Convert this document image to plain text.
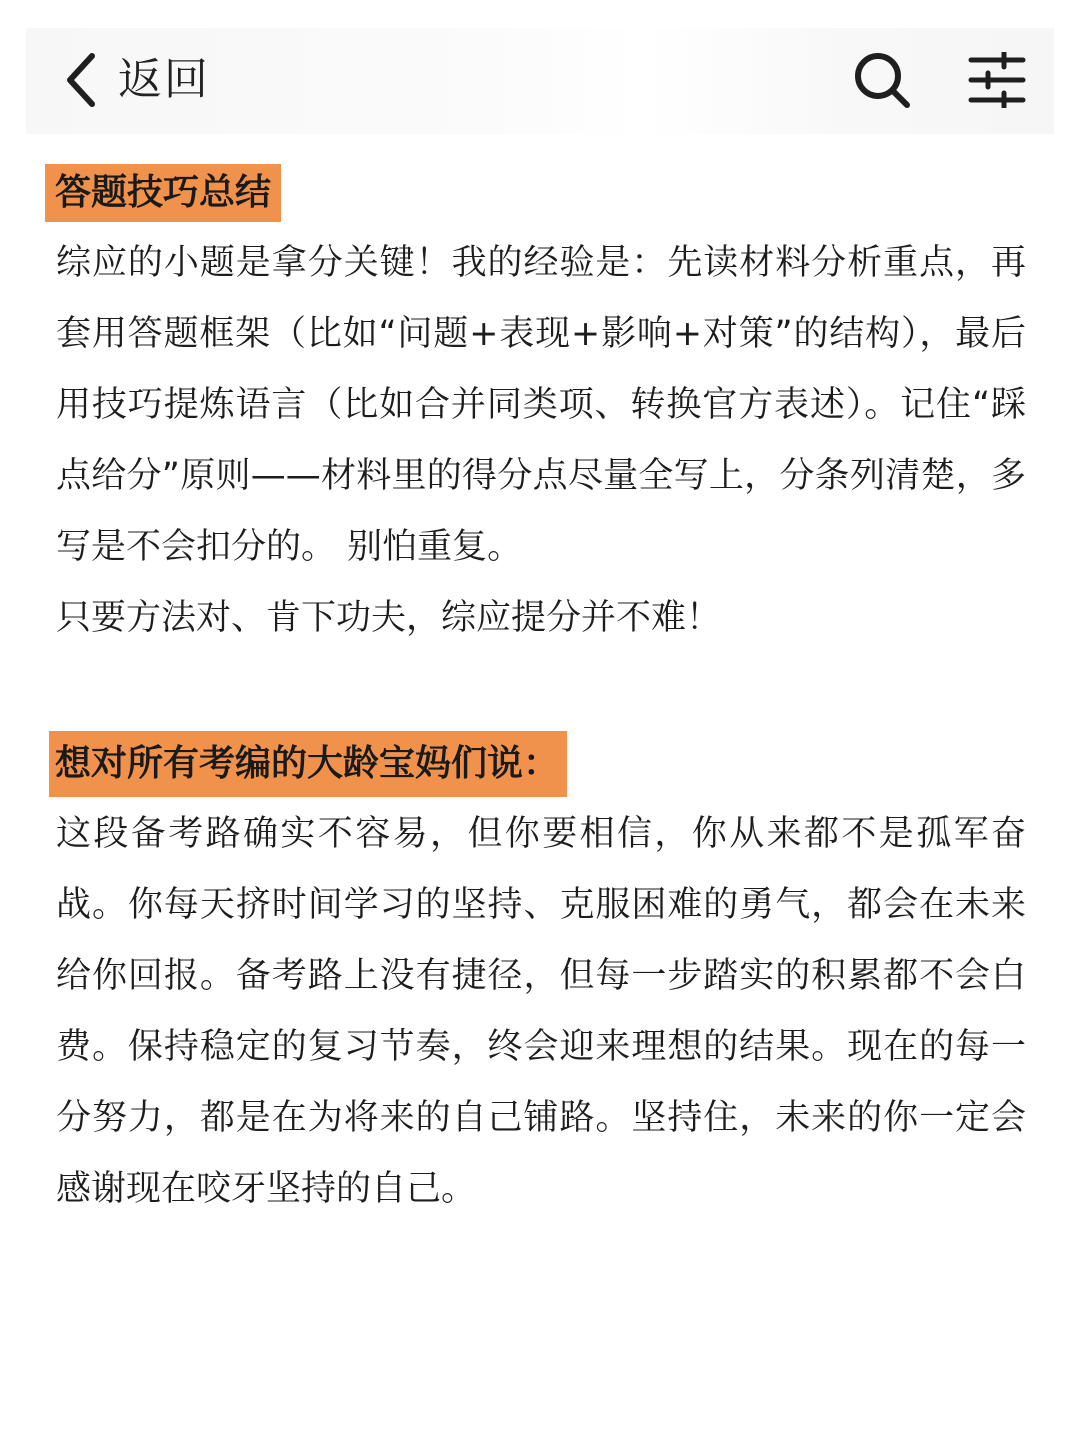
返回
答题技巧总结

综应的小题是拿分关键！我的经验是：先读材料分析重点，再套用答题框架（比如“问题+表现+影响+对策”的结构），最后用技巧提炼语言（比如合并同类项、转换官方表述）。记住“踩点给分”原则——材料里的得分点尽量全写上，分条列清楚，多写是不会扣分的。 别怕重复。

只要方法对、肯下功夫，综应提分并不难！

想对所有考编的大龄宝妈们说：

这段备考路确实不容易，但你要相信，你从来都不是孤军奋战。你每天挤时间学习的坚持、克服困难的勇气，都会在未来给你回报。备考路上没有捷径，但每一步踏实的积累都不会白费。保持稳定的复习节奏，终会迎来理想的结果。现在的每一分努力，都是在为将来的自己铺路。坚持住，未来的你一定会感谢现在咬牙坚持的自己。
